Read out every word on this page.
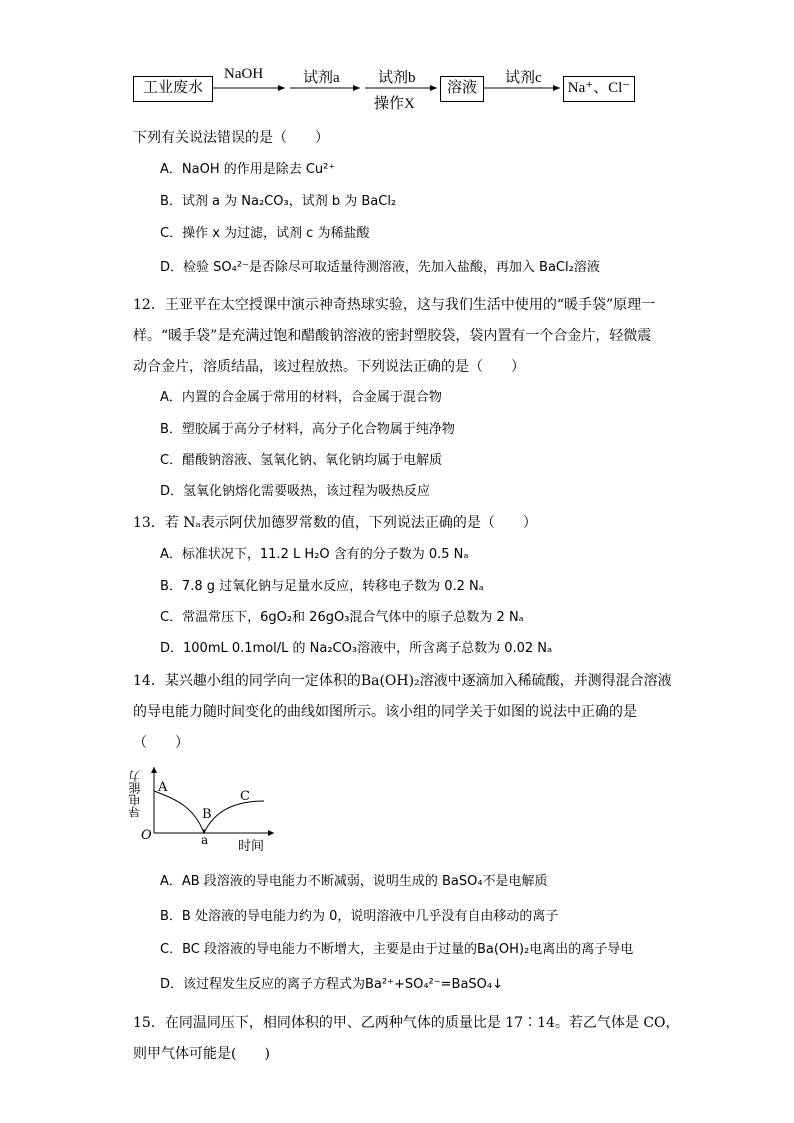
工业废水
NaOH	试剂a	试剂b
操作X
溶液
试剂c
Na⁺、Cl⁻
下列有关说法错误的是（　　）
A．NaOH 的作用是除去 Cu²⁺
B．试剂 a 为 Na₂CO₃，试剂 b 为 BaCl₂
C．操作 x 为过滤，试剂 c 为稀盐酸
D．检验 SO₄²⁻是否除尽可取适量待测溶液，先加入盐酸，再加入 BaCl₂溶液
12．王亚平在太空授课中演示神奇热球实验，这与我们生活中使用的“暖手袋”原理一
样。“暖手袋”是充满过饱和醋酸钠溶液的密封塑胶袋，袋内置有一个合金片，轻微震
动合金片，溶质结晶，该过程放热。下列说法正确的是（　　）
A．内置的合金属于常用的材料，合金属于混合物
B．塑胶属于高分子材料，高分子化合物属于纯净物
C．醋酸钠溶液、氢氧化钠、氧化钠均属于电解质
D．氢氧化钠熔化需要吸热，该过程为吸热反应
13．若 Nₐ表示阿伏加德罗常数的值，下列说法正确的是（　　）
A．标准状况下，11.2 L H₂O 含有的分子数为 0.5 Nₐ
B．7.8 g 过氧化钠与足量水反应，转移电子数为 0.2 Nₐ
C．常温常压下，6gO₂和 26gO₃混合气体中的原子总数为 2 Nₐ
D．100mL 0.1mol/L 的 Na₂CO₃溶液中，所含离子总数为 0.02 Nₐ
14．某兴趣小组的同学向一定体积的Ba(OH)₂溶液中逐滴加入稀硫酸，并测得混合溶液
的导电能力随时间变化的曲线如图所示。该小组的同学关于如图的说法中正确的是
（　　）
导电能力 A
B
C
O	a 时间
A．AB 段溶液的导电能力不断减弱，说明生成的 BaSO₄不是电解质
B．B 处溶液的导电能力约为 0，说明溶液中几乎没有自由移动的离子
C．BC 段溶液的导电能力不断增大，主要是由于过量的Ba(OH)₂电离出的离子导电
D．该过程发生反应的离子方程式为Ba²⁺+SO₄²⁻=BaSO₄↓
15．在同温同压下，相同体积的甲、乙两种气体的质量比是 17∶14。若乙气体是 CO，
则甲气体可能是(　　)
